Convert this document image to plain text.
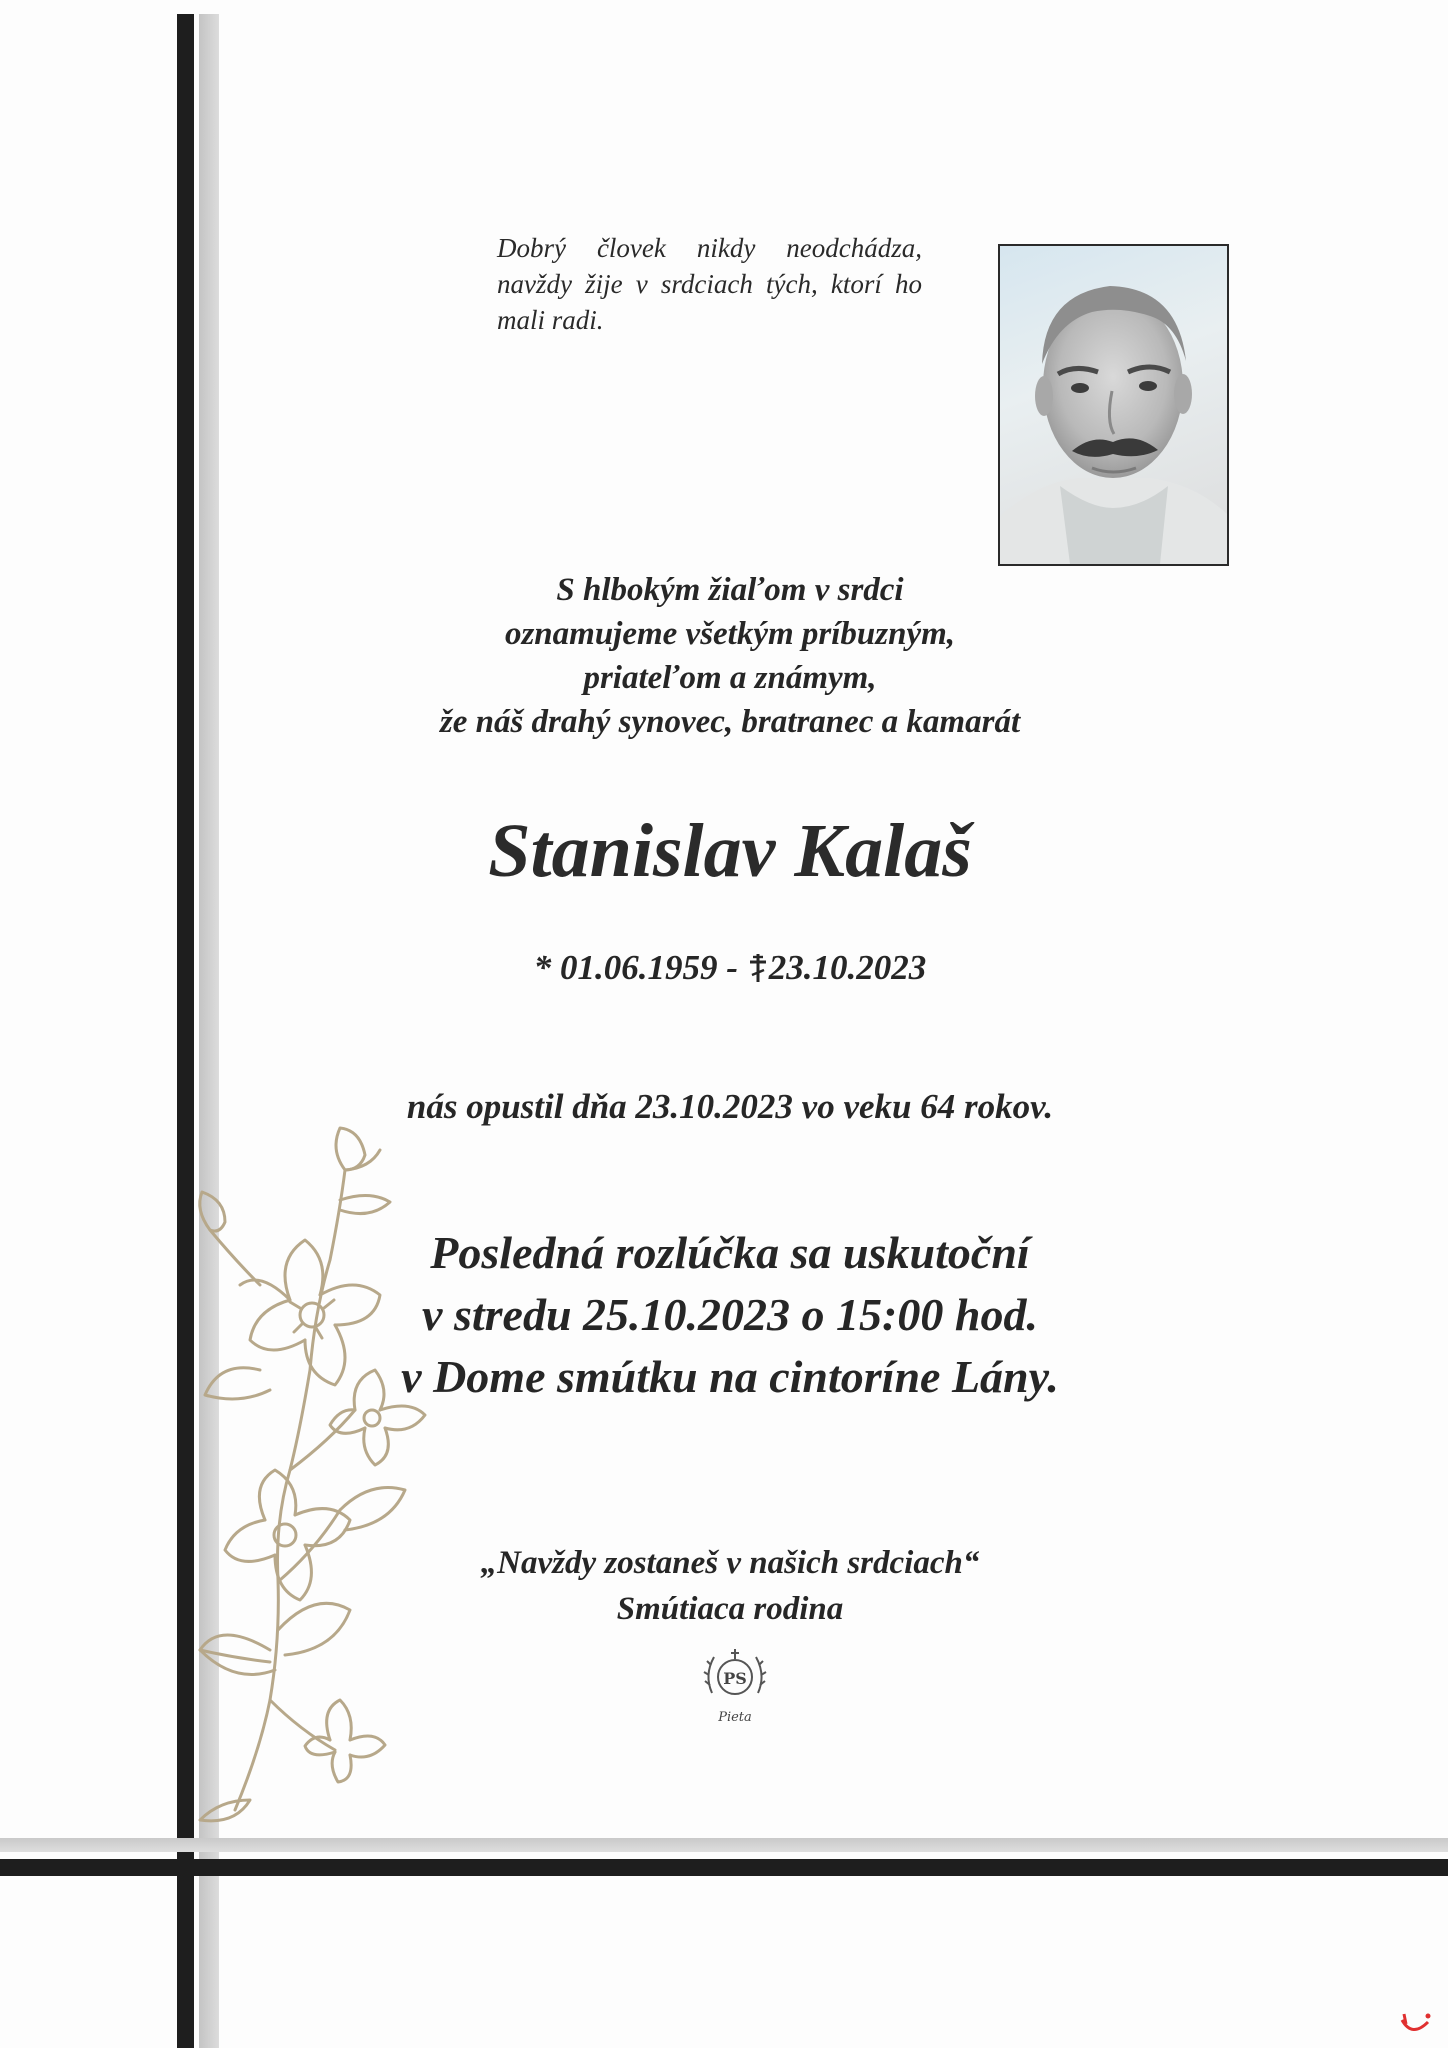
Dobrý človek nikdy neodchádza, navždy žije v srdciach tých, ktorí ho mali radi.
S hlbokým žiaľom v srdci
oznamujeme všetkým príbuzným,
priateľom a známym,
že náš drahý synovec, bratranec a kamarát
Stanislav Kalaš
* 01.06.1959 - 23.10.2023
nás opustil dňa 23.10.2023 vo veku 64 rokov.
Posledná rozlúčka sa uskutoční
v stredu 25.10.2023 o 15:00 hod.
v Dome smútku na cintoríne Lány.
„Navždy zostaneš v našich srdciach“
Smútiaca rodina
PS
Pieta
